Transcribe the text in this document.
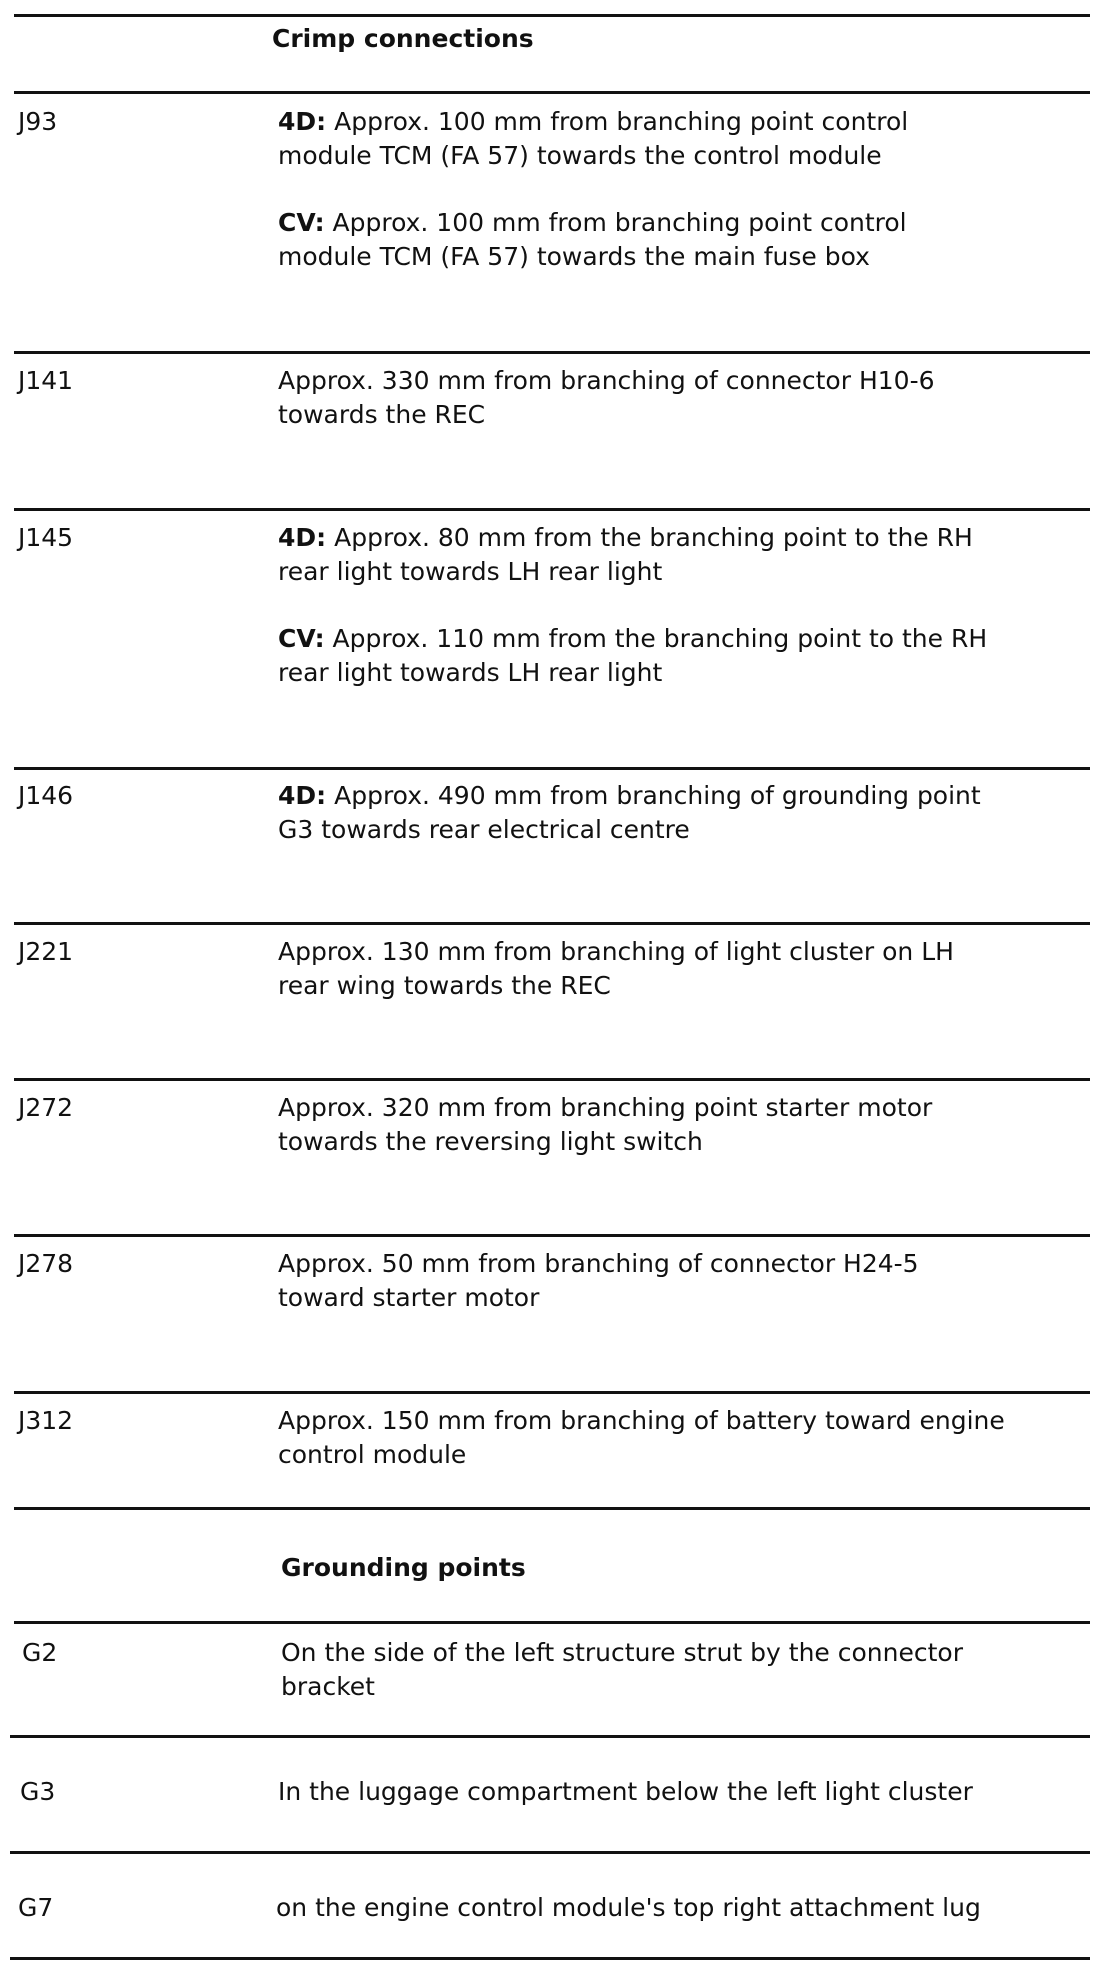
Crimp connections
J93	4D: Approx. 100 mm from branching point control
module TCM (FA 57) towards the control module
CV: Approx. 100 mm from branching point control
module TCM (FA 57) towards the main fuse box
J141	Approx. 330 mm from branching of connector H10-6
towards the REC
J145	4D: Approx. 80 mm from the branching point to the RH
rear light towards LH rear light
CV: Approx. 110 mm from the branching point to the RH
rear light towards LH rear light
J146	4D: Approx. 490 mm from branching of grounding point
G3 towards rear electrical centre
J221	Approx. 130 mm from branching of light cluster on LH
rear wing towards the REC
J272	Approx. 320 mm from branching point starter motor
towards the reversing light switch
J278	Approx. 50 mm from branching of connector H24-5
toward starter motor
J312	Approx. 150 mm from branching of battery toward engine
control module
Grounding points
G2	On the side of the left structure strut by the connector
bracket
G3	In the luggage compartment below the left light cluster
G7	on the engine control module's top right attachment lug
